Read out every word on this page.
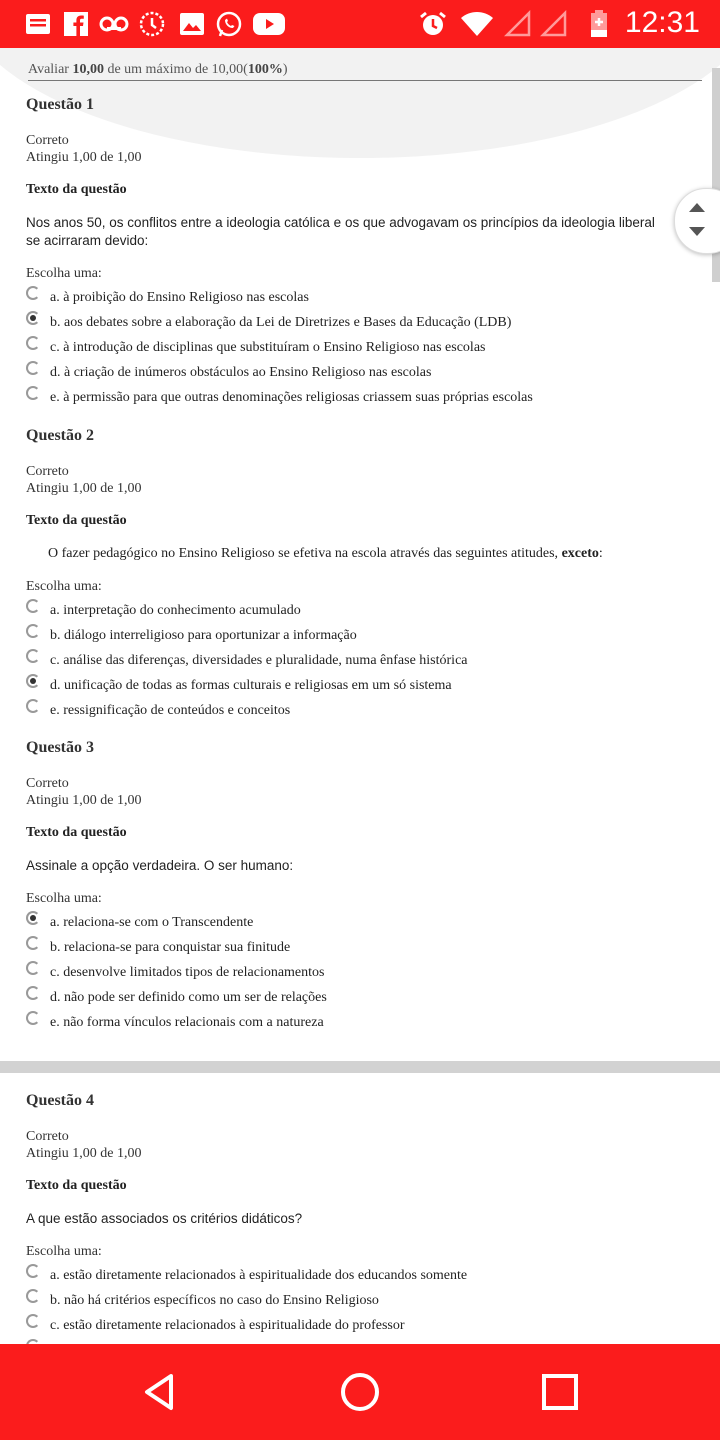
12:31
Avaliar 10,00 de um máximo de 10,00(100%)
Questão 1
Correto
Atingiu 1,00 de 1,00
Texto da questão
Nos anos 50, os conflitos entre a ideologia católica e os que advogavam os princípios da ideologia liberal se acirraram devido:
Escolha uma:
a. à proibição do Ensino Religioso nas escolas
b. aos debates sobre a elaboração da Lei de Diretrizes e Bases da Educação (LDB)
c. à introdução de disciplinas que substituíram o Ensino Religioso nas escolas
d. à criação de inúmeros obstáculos ao Ensino Religioso nas escolas
e. à permissão para que outras denominações religiosas criassem suas próprias escolas
Questão 2
Correto
Atingiu 1,00 de 1,00
Texto da questão
O fazer pedagógico no Ensino Religioso se efetiva na escola através das seguintes atitudes, exceto:
Escolha uma:
a. interpretação do conhecimento acumulado
b. diálogo interreligioso para oportunizar a informação
c. análise das diferenças, diversidades e pluralidade, numa ênfase histórica
d. unificação de todas as formas culturais e religiosas em um só sistema
e. ressignificação de conteúdos e conceitos
Questão 3
Correto
Atingiu 1,00 de 1,00
Texto da questão
Assinale a opção verdadeira. O ser humano:
Escolha uma:
a. relaciona-se com o Transcendente
b. relaciona-se para conquistar sua finitude
c. desenvolve limitados tipos de relacionamentos
d. não pode ser definido como um ser de relações
e. não forma vínculos relacionais com a natureza
Questão 4
Correto
Atingiu 1,00 de 1,00
Texto da questão
A que estão associados os critérios didáticos?
Escolha uma:
a. estão diretamente relacionados à espiritualidade dos educandos somente
b. não há critérios específicos no caso do Ensino Religioso
c. estão diretamente relacionados à espiritualidade do professor
